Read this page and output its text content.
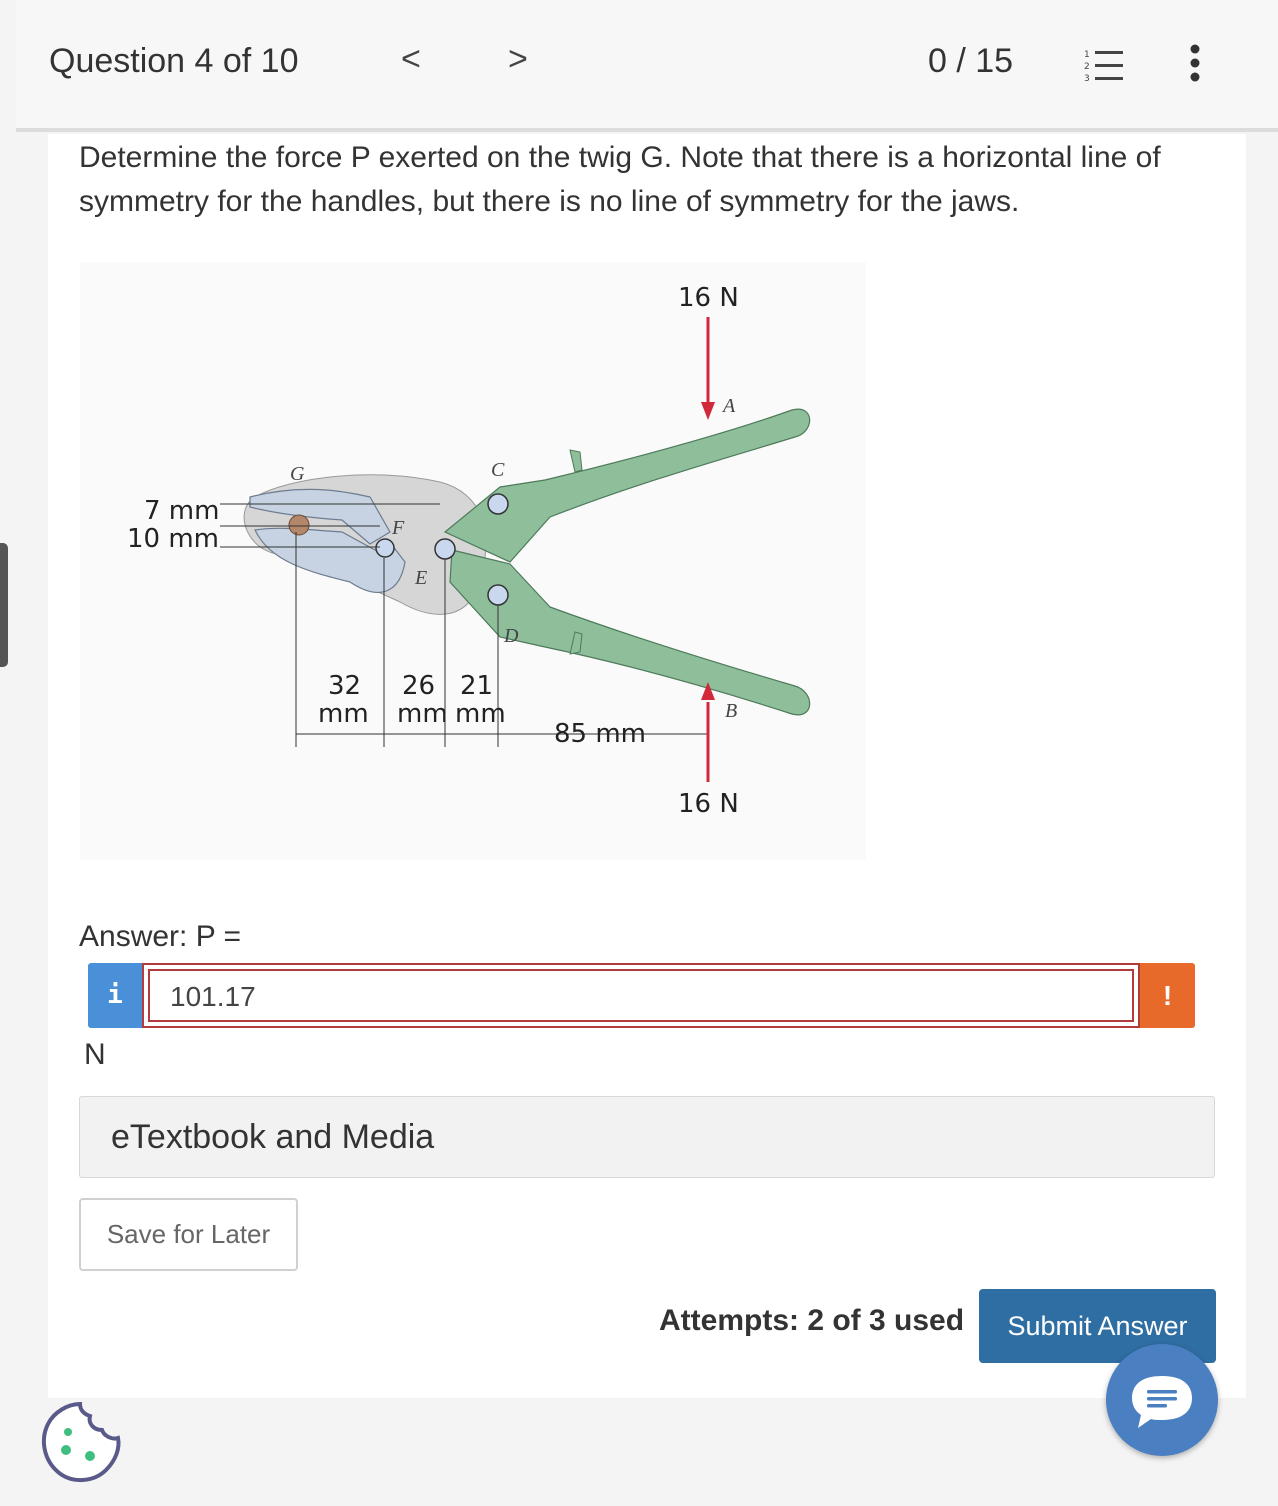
Question 4 of 10	<	>	0 / 15	1
2
3
Determine the force P exerted on the twig G. Note that there is a horizontal line of symmetry for the handles, but there is no line of symmetry for the jaws.
16 N
16 N
7 mm
10 mm
32 26 21
mm mm mm
85 mm
A
B
C
D
E
F
G
Answer: P =
i	101.17	!
N
eTextbook and Media
Save for Later
Attempts: 2 of 3 used	Submit Answer
